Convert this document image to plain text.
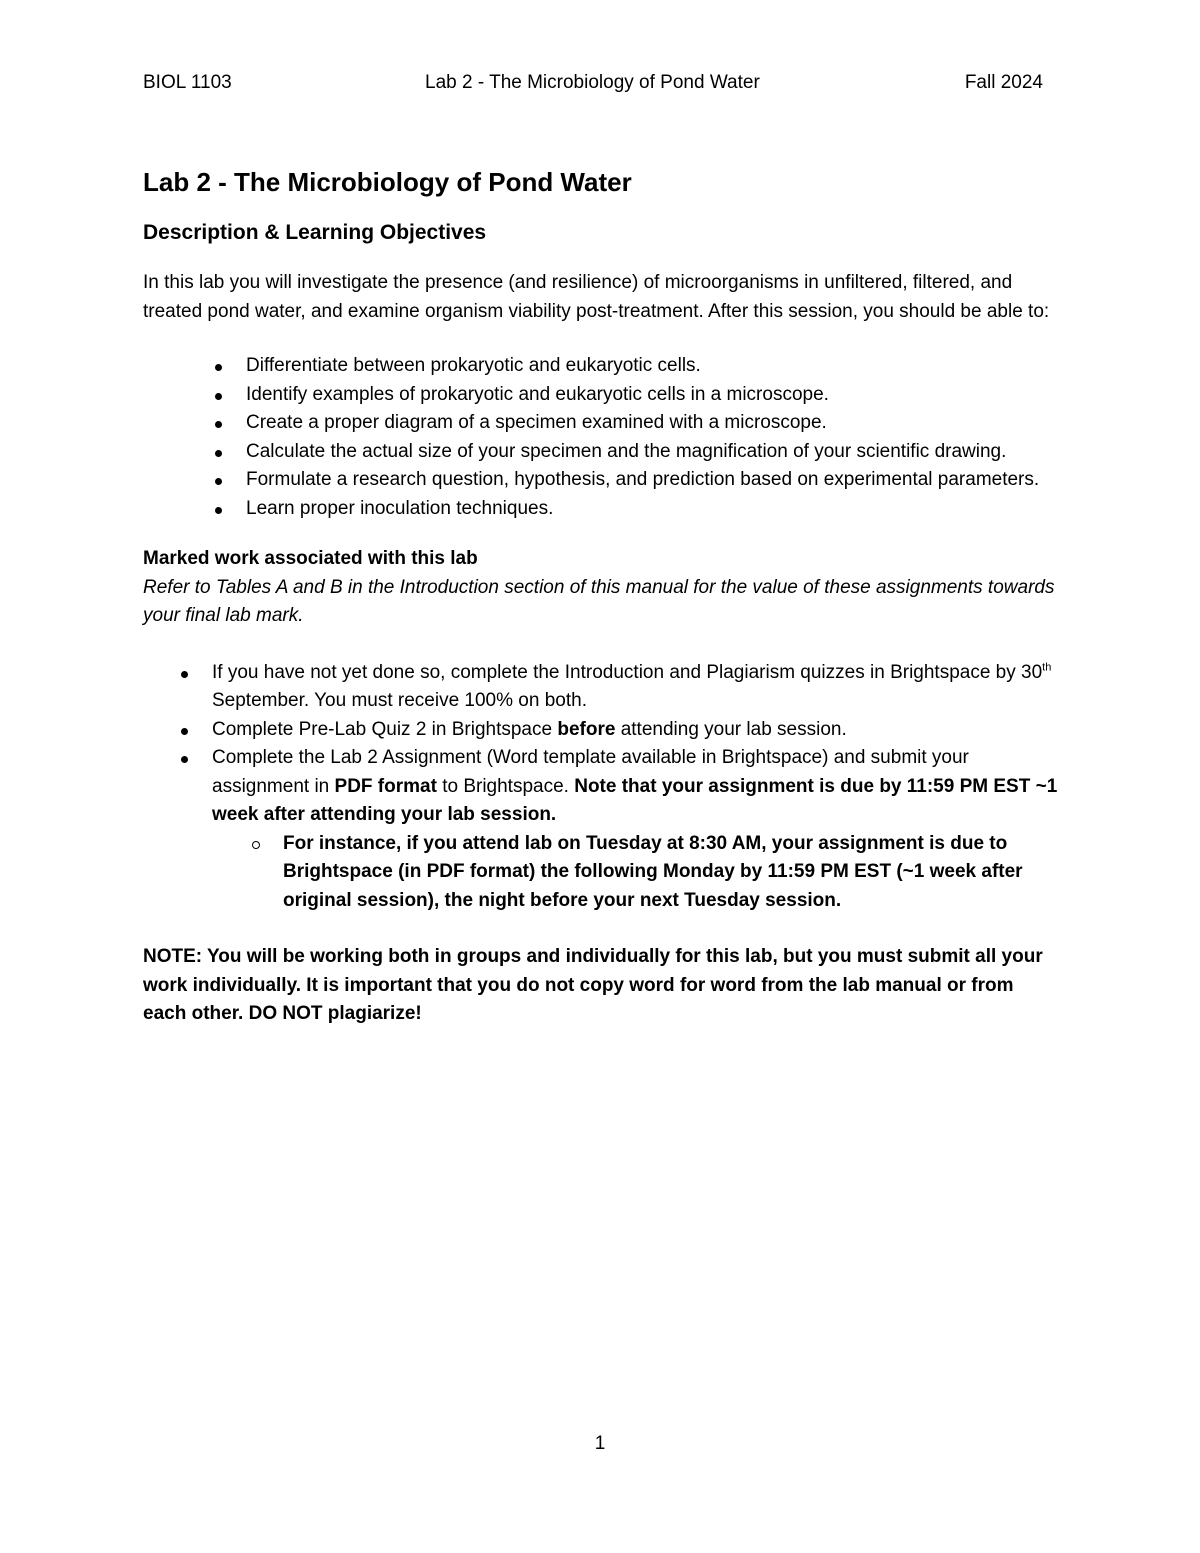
BIOL 1103	Lab 2 - The Microbiology of Pond Water	Fall 2024
Lab 2 - The Microbiology of Pond Water
Description & Learning Objectives

In this lab you will investigate the presence (and resilience) of microorganisms in unfiltered, filtered, and treated pond water, and examine organism viability post-treatment. After this session, you should be able to:

Differentiate between prokaryotic and eukaryotic cells.
Identify examples of prokaryotic and eukaryotic cells in a microscope.
Create a proper diagram of a specimen examined with a microscope.
Calculate the actual size of your specimen and the magnification of your scientific drawing.
Formulate a research question, hypothesis, and prediction based on experimental parameters.
Learn proper inoculation techniques.
Marked work associated with this lab
Refer to Tables A and B in the Introduction section of this manual for the value of these assignments towards your final lab mark.
If you have not yet done so, complete the Introduction and Plagiarism quizzes in Brightspace by 30th September. You must receive 100% on both.
Complete Pre-Lab Quiz 2 in Brightspace before attending your lab session.
Complete the Lab 2 Assignment (Word template available in Brightspace) and submit your assignment in PDF format to Brightspace. Note that your assignment is due by 11:59 PM EST ~1 week after attending your lab session.
For instance, if you attend lab on Tuesday at 8:30 AM, your assignment is due to Brightspace (in PDF format) the following Monday by 11:59 PM EST (~1 week after original session), the night before your next Tuesday session.
NOTE: You will be working both in groups and individually for this lab, but you must submit all your work individually. It is important that you do not copy word for word from the lab manual or from each other. DO NOT plagiarize!
1
